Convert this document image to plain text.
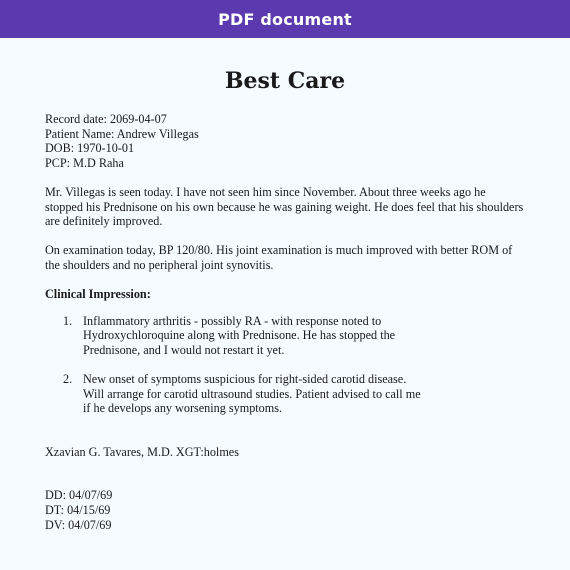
PDF document
Best Care
Record date: 2069-04-07
Patient Name: Andrew Villegas
DOB: 1970-10-01
PCP: M.D Raha

Mr. Villegas is seen today. I have not seen him since November. About three weeks ago he stopped his Prednisone on his own because he was gaining weight. He does feel that his shoulders are definitely improved.

On examination today, BP 120/80. His joint examination is much improved with better ROM of the shoulders and no peripheral joint synovitis.

Clinical Impression:
1. Inflammatory arthritis - possibly RA - with response noted to Hydroxychloroquine along with Prednisone. He has stopped the Prednisone, and I would not restart it yet.
2. New onset of symptoms suspicious for right-sided carotid disease. Will arrange for carotid ultrasound studies. Patient advised to call me if he develops any worsening symptoms.
Xzavian G. Tavares, M.D. XGT:holmes
DD: 04/07/69
DT: 04/15/69
DV: 04/07/69
